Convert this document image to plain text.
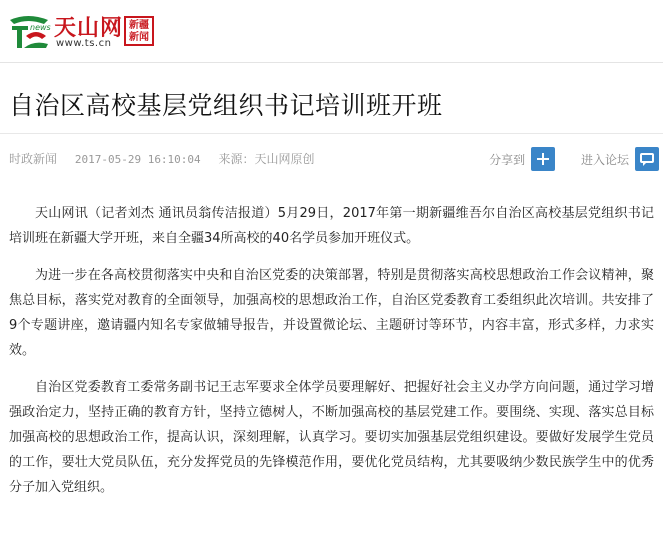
news 天山网
www.ts.cn
新疆
新闻
自治区高校基层党组织书记培训班开班
时政新闻 2017-05-29 16:10:04 来源：天山网原创	分享到	进入论坛

天山网讯（记者刘杰 通讯员翁传洁报道）5月29日，2017年第一期新疆维吾尔自治区高校基层党组织书记培训班在新疆大学开班，来自全疆34所高校的40名学员参加开班仪式。

为进一步在各高校贯彻落实中央和自治区党委的决策部署，特别是贯彻落实高校思想政治工作会议精神，聚焦总目标，落实党对教育的全面领导，加强高校的思想政治工作，自治区党委教育工委组织此次培训。共安排了9个专题讲座，邀请疆内知名专家做辅导报告，并设置微论坛、主题研讨等环节，内容丰富，形式多样，力求实效。

自治区党委教育工委常务副书记王志军要求全体学员要理解好、把握好社会主义办学方向问题，通过学习增强政治定力，坚持正确的教育方针，坚持立德树人，不断加强高校的基层党建工作。要围绕、实现、落实总目标加强高校的思想政治工作，提高认识，深刻理解，认真学习。要切实加强基层党组织建设。要做好发展学生党员的工作，要壮大党员队伍，充分发挥党员的先锋模范作用，要优化党员结构，尤其要吸纳少数民族学生中的优秀分子加入党组织。
